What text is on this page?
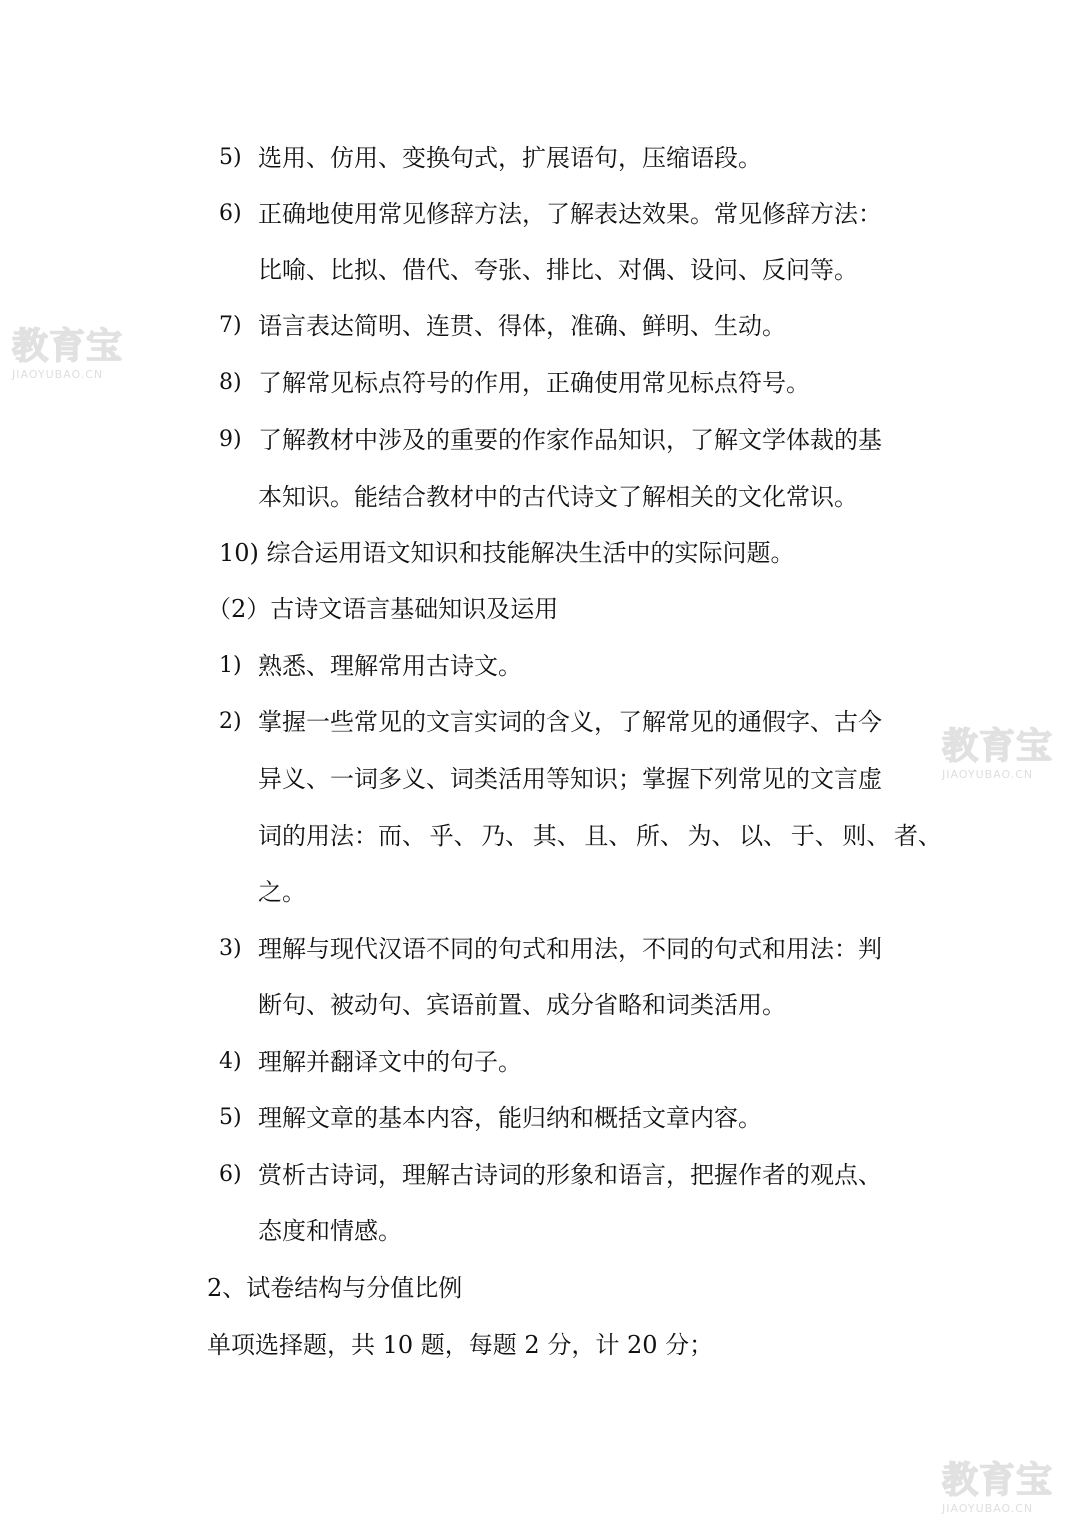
5) 选用、仿用、变换句式，扩展语句，压缩语段。
6) 正确地使用常见修辞方法，了解表达效果。常见修辞方法：
比喻、比拟、借代、夸张、排比、对偶、设问、反问等。
7) 语言表达简明、连贯、得体，准确、鲜明、生动。
8) 了解常见标点符号的作用，正确使用常见标点符号。
9) 了解教材中涉及的重要的作家作品知识，了解文学体裁的基
本知识。能结合教材中的古代诗文了解相关的文化常识。
10) 综合运用语文知识和技能解决生活中的实际问题。
（2）古诗文语言基础知识及运用
1) 熟悉、理解常用古诗文。
2) 掌握一些常见的文言实词的含义，了解常见的通假字、古今
异义、一词多义、词类活用等知识；掌握下列常见的文言虚
词的用法：而、 乎、 乃、 其、 且、 所、 为、 以、 于、 则、 者、
之。
3) 理解与现代汉语不同的句式和用法，不同的句式和用法：判
断句、被动句、宾语前置、成分省略和词类活用。
4) 理解并翻译文中的句子。
5) 理解文章的基本内容，能归纳和概括文章内容。
6) 赏析古诗词，理解古诗词的形象和语言，把握作者的观点、
态度和情感。
2、试卷结构与分值比例
单项选择题，共 10 题，每题 2 分，计 20 分；
教育宝
JIAOYUBAO.CN
教育宝
JIAOYUBAO.CN
教育宝
JIAOYUBAO.CN
